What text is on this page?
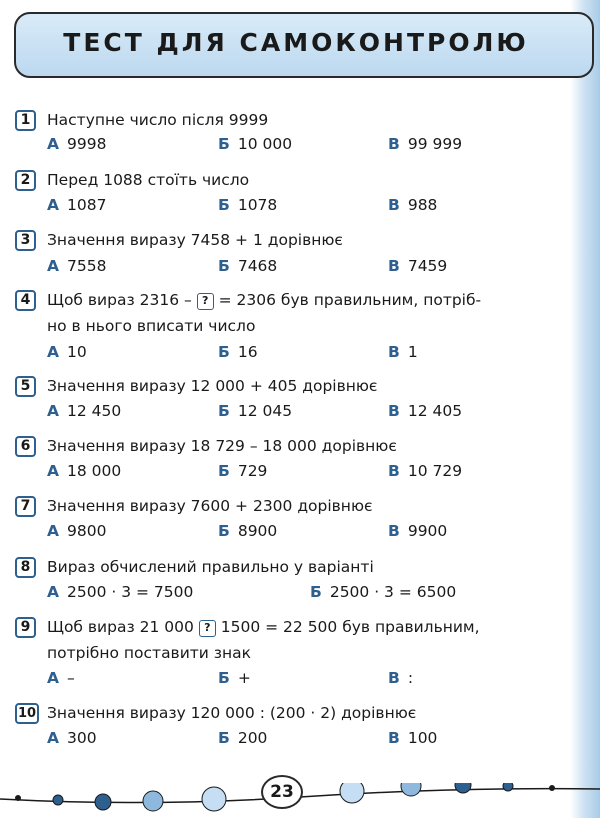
ТЕСТ ДЛЯ САМОКОНТРОЛЮ
1	Наступне число після 9999
А 9998	Б 10 000	В 99 999
2	Перед 1088 стоїть число
А 1087	Б 1078	В 988
3	Значення виразу 7458 + 1 дорівнює
А 7558	Б 7468	В 7459
4	Щоб вираз 2316 – ? = 2306 був правильним, потріб-
но в нього вписати число
А 10	Б 16	В 1
5	Значення виразу 12 000 + 405 дорівнює
А 12 450	Б 12 045	В 12 405
6	Значення виразу 18 729 – 18 000 дорівнює
А 18 000	Б 729	В 10 729
7	Значення виразу 7600 + 2300 дорівнює
А 9800	Б 8900	В 9900
8	Вираз обчислений правильно у варіанті
А 2500 · 3 = 7500	Б 2500 · 3 = 6500
9	Щоб вираз 21 000 ? 1500 = 22 500 був правильним,
потрібно поставити знак
А –	Б +	В :
10 Значення виразу 120 000 : (200 · 2) дорівнює
А 300	Б 200	В 100
23
